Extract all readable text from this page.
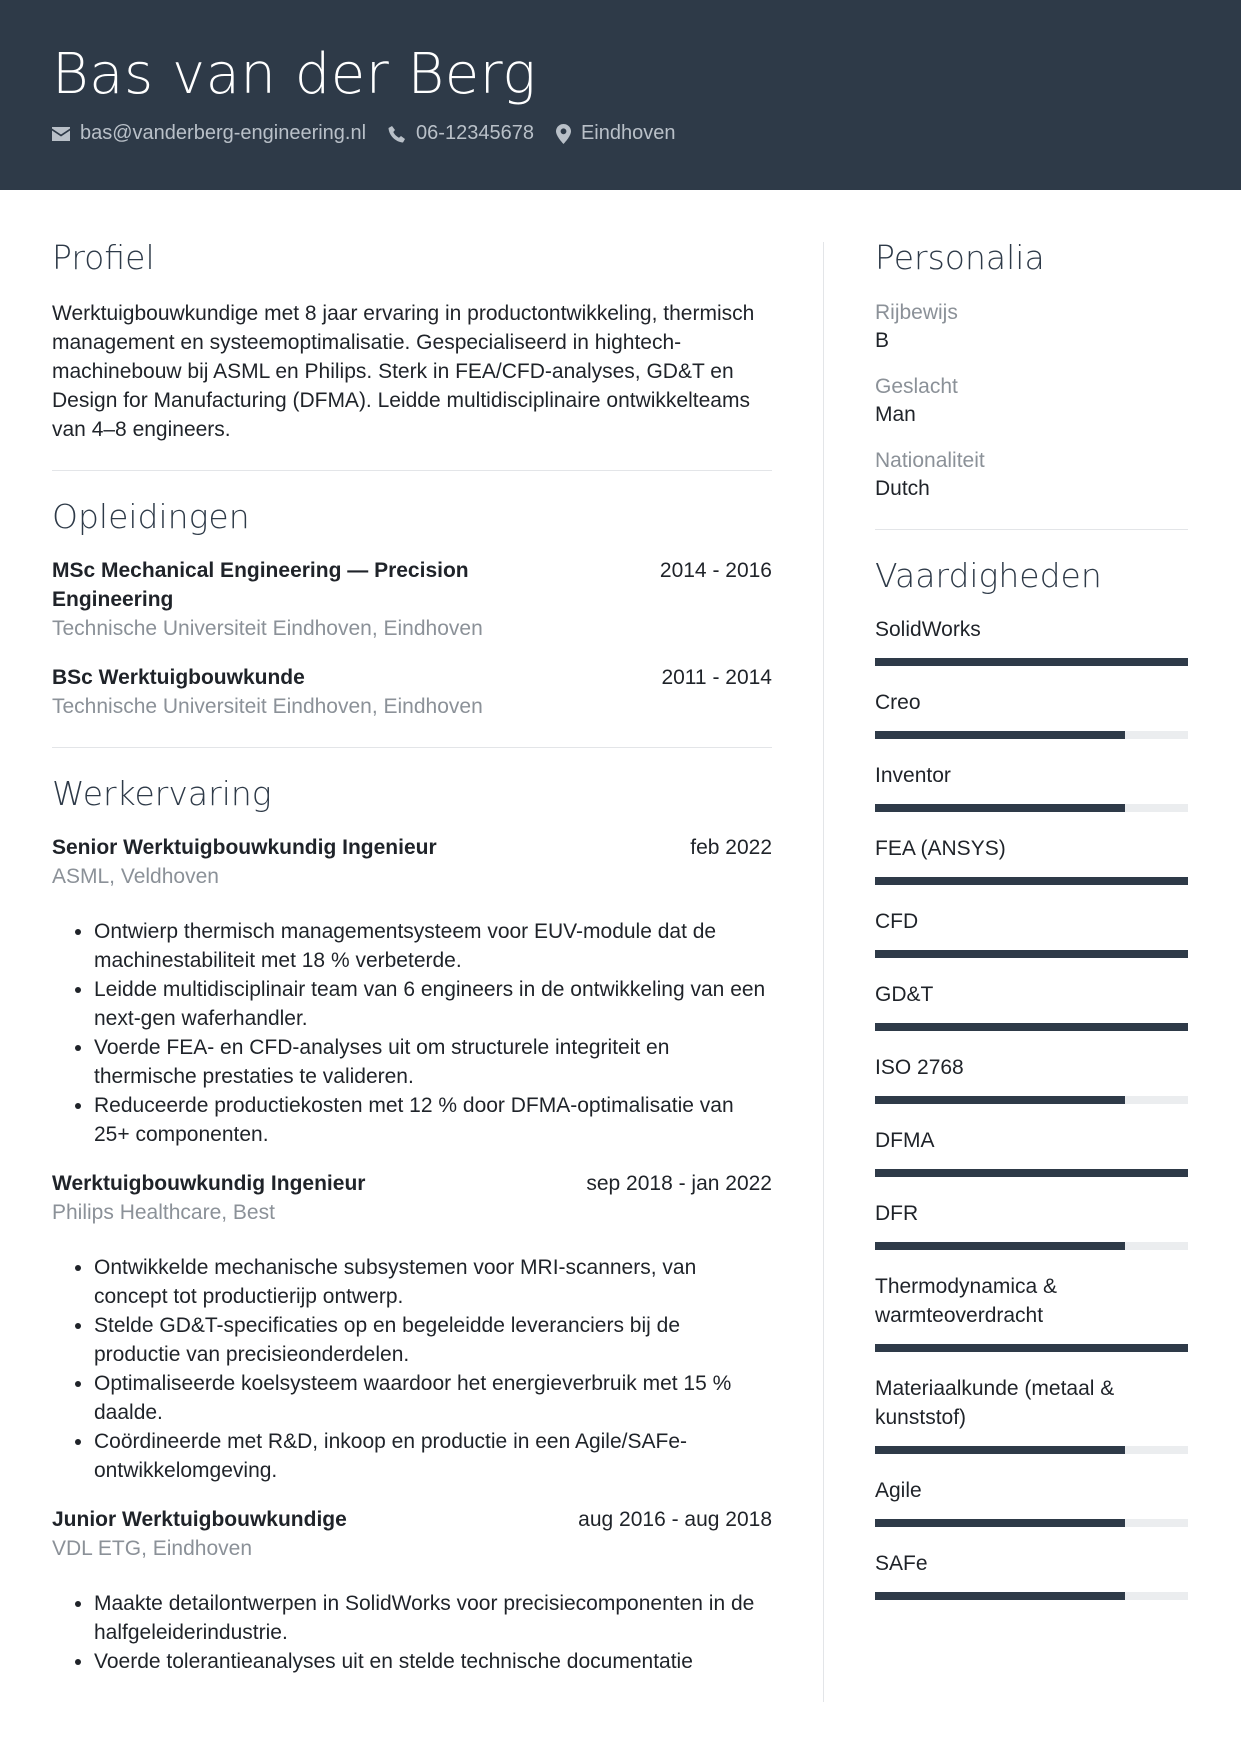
Bas van der Berg
bas@vanderberg-engineering.nl	06-12345678 Eindhoven
Profiel

Werktuigbouwkundige met 8 jaar ervaring in productontwikkeling, thermisch management en systeemoptimalisatie. Gespecialiseerd in hightech-machinebouw bij ASML en Philips. Sterk in FEA/CFD-analyses, GD&T en Design for Manufacturing (DFMA). Leidde multidisciplinaire ontwikkelteams van 4–8 engineers.

Opleidingen
MSc Mechanical Engineering — Precision Engineering
2014 - 2016
Technische Universiteit Eindhoven, Eindhoven
BSc Werktuigbouwkunde	2011 - 2014
Technische Universiteit Eindhoven, Eindhoven
Werkervaring
Senior Werktuigbouwkundig Ingenieur	feb 2022
ASML, Veldhoven
• Ontwierp thermisch managementsysteem voor EUV-module dat de machinestabiliteit met 18 % verbeterde.
• Leidde multidisciplinair team van 6 engineers in de ontwikkeling van een next-gen waferhandler.
• Voerde FEA- en CFD-analyses uit om structurele integriteit en thermische prestaties te valideren.
• Reduceerde productiekosten met 12 % door DFMA-optimalisatie van 25+ componenten.
Werktuigbouwkundig Ingenieur	sep 2018 - jan 2022
Philips Healthcare, Best
• Ontwikkelde mechanische subsystemen voor MRI-scanners, van concept tot productierijp ontwerp.
• Stelde GD&T-specificaties op en begeleidde leveranciers bij de productie van precisieonderdelen.
• Optimaliseerde koelsysteem waardoor het energieverbruik met 15 % daalde.
• Coördineerde met R&D, inkoop en productie in een Agile/SAFe-ontwikkelomgeving.
Junior Werktuigbouwkundige	aug 2016 - aug 2018
VDL ETG, Eindhoven
• Maakte detailontwerpen in SolidWorks voor precisiecomponenten in de halfgeleiderindustrie.
• Voerde tolerantieanalyses uit en stelde technische documentatie
Personalia
Rijbewijs
B
Geslacht
Man
Nationaliteit
Dutch
Vaardigheden
SolidWorks
Creo
Inventor
FEA (ANSYS)
CFD
GD&T
ISO 2768
DFMA
DFR
Thermodynamica & warmteoverdracht
Materiaalkunde (metaal & kunststof)
Agile
SAFe
